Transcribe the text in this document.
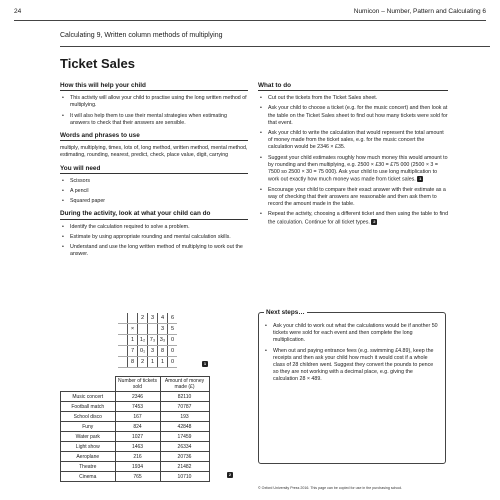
24	Numicon – Number, Pattern and Calculating 6
Calculating 9, Written column methods of multiplying
Ticket Sales
How this will help your child
• This activity will allow your child to practise using the long written method of multiplying.
• It will also help them to use their mental strategies when estimating answers to check that their answers are sensible.
Words and phrases to use

multiply, multiplying, times, lots of, long method, written method, mental method, estimating, rounding, nearest, predict, check, place value, digit, carrying

You will need
• Scissors
• A pencil
• Squared paper
During the activity, look at what your child can do
• Identify the calculation required to solve a problem.
• Estimate by using appropriate rounding and mental calculation skills.
• Understand and use the long written method of multiplying to work out the answer.
What to do
• Cut out the tickets from the Ticket Sales sheet.
• Ask your child to choose a ticket (e.g. for the music concert) and then look at the table on the Ticket Sales sheet to find out how many tickets were sold for that event.
• Ask your child to write the calculation that would represent the total amount of money made from the ticket sales, e.g. for the music concert the calculation would be 2346 × £35.
• Suggest your child estimates roughly how much money this would amount to by rounding and then multiplying, e.g. 2500 × £30 = £75 000 (2500 × 3 = 7500 so 2500 × 30 = 75 000). Ask your child to use long multiplication to work out exactly how much money was made from ticket sales. 1
• Encourage your child to compare their exact answer with their estimate as a way of checking that their answers are reasonable and then ask them to record the amount made in the table.
• Repeat the activity, choosing a different ticket and then using the table to find the calculation. Continue for all ticket types. 2
		2	3	4	6
	×			3	5
	1	1₂	7₃	3₃	0
	7	0₁	3	8	0
	8	2	1	1	0	1
	Number of tickets sold	Amount of money made (£)
Music concert	2346	82110
Football match	7453	70787
School disco	167	193
Funy	824	42848
Water park	1027	17459
Light show	1463	26334
Aeroplane	216	20736
Theatre	1934	21482
Cinema	765	10710	2
• Ask your child to work out what the calculations would be if another 50 tickets were sold for each event and then complete the long multiplication.
• When out and paying entrance fees (e.g. swimming £4.89), keep the receipts and then ask your child how much it would cost if a whole class of 28 children went. Suggest they convert the pounds to pence so they are not working with a decimal place, e.g. giving the calculation 28 × 489.
Next steps…
© Oxford University Press 2016. This page can be copied for use in the purchasing school.
